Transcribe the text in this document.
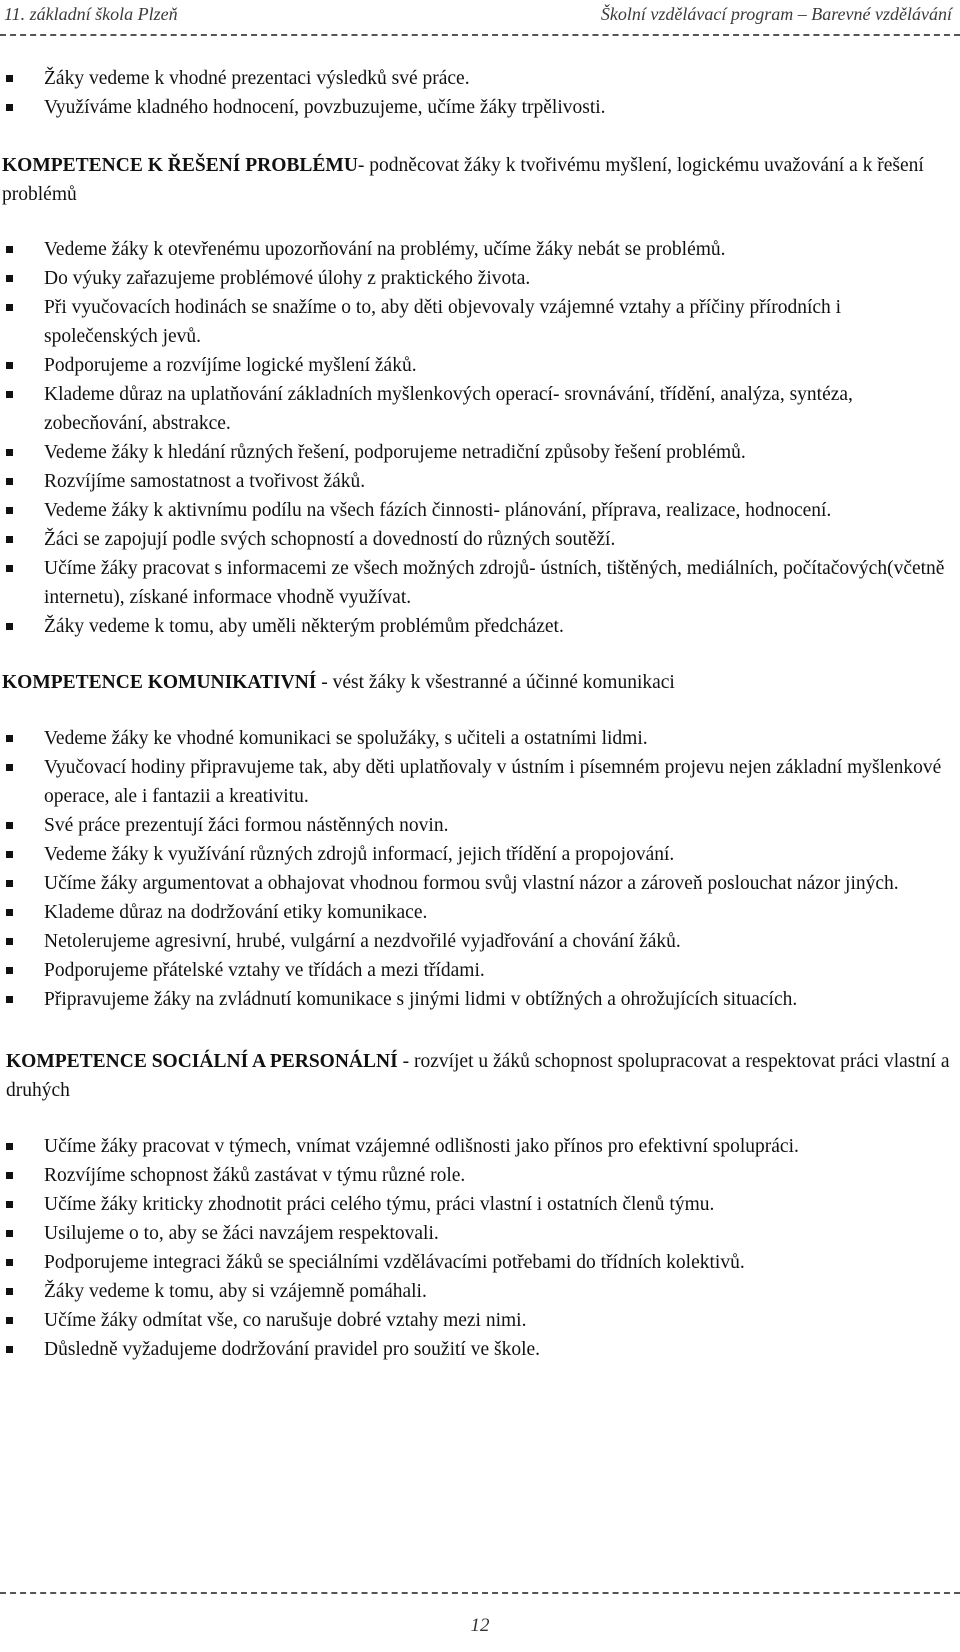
11. základní škola Plzeň	Školní vzdělávací program – Barevné vzdělávání
Žáky vedeme k vhodné prezentaci výsledků své práce.
Využíváme kladného hodnocení, povzbuzujeme, učíme žáky trpělivosti.

KOMPETENCE K ŘEŠENÍ PROBLÉMU- podněcovat žáky k tvořivému myšlení, logickému uvažování a k řešení problémů

Vedeme žáky k otevřenému upozorňování na problémy, učíme žáky nebát se problémů.
Do výuky zařazujeme problémové úlohy z praktického života.
Při vyučovacích hodinách se snažíme o to, aby děti objevovaly vzájemné vztahy a příčiny přírodních i společenských jevů.
Podporujeme a rozvíjíme logické myšlení žáků.
Klademe důraz na uplatňování základních myšlenkových operací- srovnávání, třídění, analýza, syntéza, zobecňování, abstrakce.
Vedeme žáky k hledání různých řešení, podporujeme netradiční způsoby řešení problémů.
Rozvíjíme samostatnost a tvořivost žáků.
Vedeme žáky k aktivnímu podílu na všech fázích činnosti- plánování, příprava, realizace, hodnocení.
Žáci se zapojují podle svých schopností a dovedností do různých soutěží.
Učíme žáky pracovat s informacemi ze všech možných zdrojů- ústních, tištěných, mediálních, počítačových(včetně internetu), získané informace vhodně využívat.
Žáky vedeme k tomu, aby uměli některým problémům předcházet.

KOMPETENCE KOMUNIKATIVNÍ - vést žáky k všestranné a účinné komunikaci

Vedeme žáky ke vhodné komunikaci se spolužáky, s učiteli a ostatními lidmi.
Vyučovací hodiny připravujeme tak, aby děti uplatňovaly v ústním i písemném projevu nejen základní myšlenkové operace, ale i fantazii a kreativitu.
Své práce prezentují žáci formou nástěnných novin.
Vedeme žáky k využívání různých zdrojů informací, jejich třídění a propojování.
Učíme žáky argumentovat a obhajovat vhodnou formou svůj vlastní názor a zároveň poslouchat názor jiných.
Klademe důraz na dodržování etiky komunikace.
Netolerujeme agresivní, hrubé, vulgární a nezdvořilé vyjadřování a chování žáků.
Podporujeme přátelské vztahy ve třídách a mezi třídami.
Připravujeme žáky na zvládnutí komunikace s jinými lidmi v obtížných a ohrožujících situacích.

KOMPETENCE SOCIÁLNÍ A PERSONÁLNÍ - rozvíjet u žáků schopnost spolupracovat a respektovat práci vlastní a druhých

Učíme žáky pracovat v týmech, vnímat vzájemné odlišnosti jako přínos pro efektivní spolupráci.
Rozvíjíme schopnost žáků zastávat v týmu různé role.
Učíme žáky kriticky zhodnotit práci celého týmu, práci vlastní i ostatních členů týmu.
Usilujeme o to, aby se žáci navzájem respektovali.
Podporujeme integraci žáků se speciálními vzdělávacími potřebami do třídních kolektivů.
Žáky vedeme k tomu, aby si vzájemně pomáhali.
Učíme žáky odmítat vše, co narušuje dobré vztahy mezi nimi.
Důsledně vyžadujeme dodržování pravidel pro soužití ve škole.
12
